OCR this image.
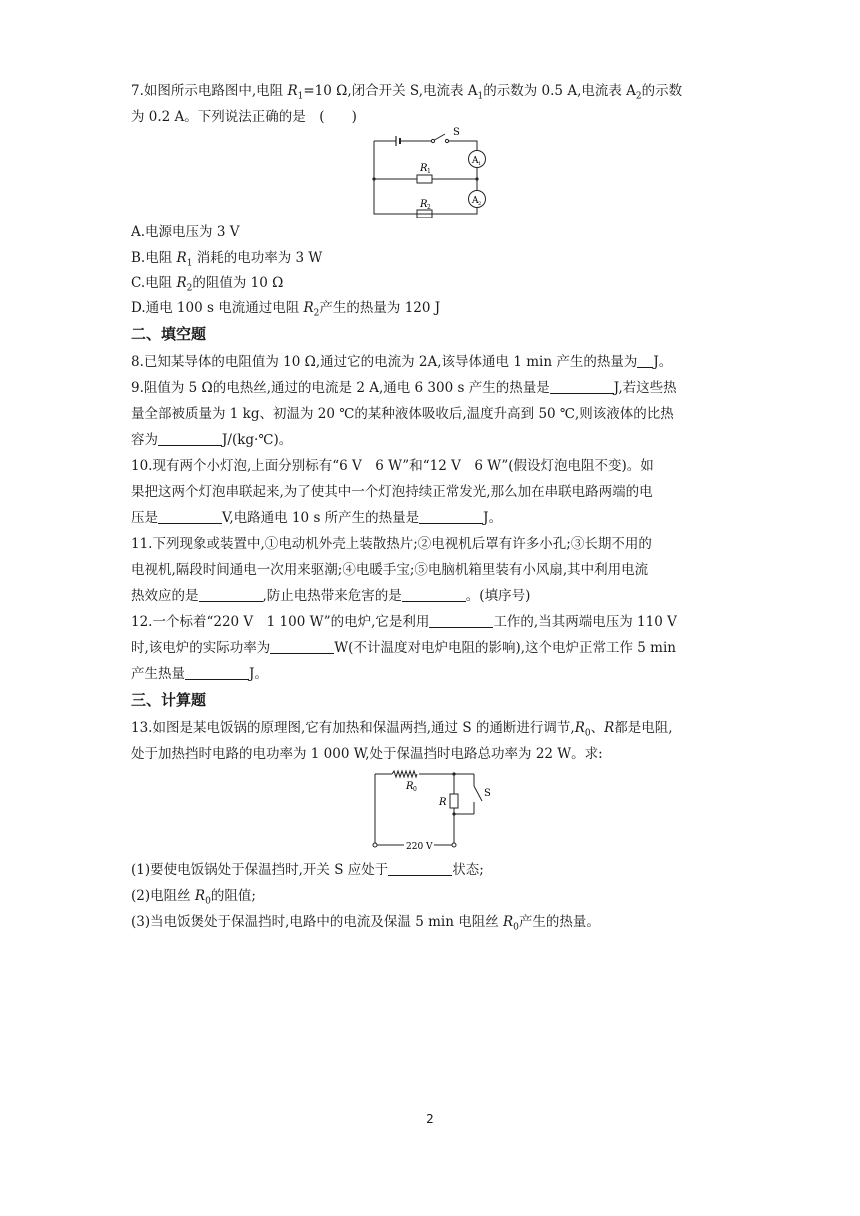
7.如图所示电路图中,电阻 $R_1=10$ Ω,闭合开关 S,电流表 $A_1$的示数为 0.5 A,电流表 $A_2$的示数
为 0.2 A。下列说法正确的是　(　　)
S
R 1
R 2
A 1
A 2
A.电源电压为 3 V
B.电阻 $R_1$ 消耗的电功率为 3 W
C.电阻 $R_2$的阻值为 10 Ω
D.通电 100 s 电流通过电阻 $R_2$产生的热量为 120 J
二、填空题
8.已知某导体的电阻值为 10 Ω,通过它的电流为 2A,该导体通电 1 min 产生的热量为 J。
9.阻值为 5 Ω的电热丝,通过的电流是 2 A,通电 6 300 s 产生的热量是	J,若这些热
量全部被质量为 1 kg、初温为 20 ℃的某种液体吸收后,温度升高到 50 ℃,则该液体的比热
容为	J/(kg·℃)。
10.现有两个小灯泡,上面分别标有“6 V　6 W”和“12 V　6 W”(假设灯泡电阻不变)。如
果把这两个灯泡串联起来,为了使其中一个灯泡持续正常发光,那么加在串联电路两端的电
压是	V,电路通电 10 s 所产生的热量是	J。
11.下列现象或装置中,①电动机外壳上装散热片;②电视机后罩有许多小孔;③长期不用的
电视机,隔段时间通电一次用来驱潮;④电暖手宝;⑤电脑机箱里装有小风扇,其中利用电流
热效应的是	,防止电热带来危害的是	。(填序号)
12.一个标着“220 V　1 100 W”的电炉,它是利用	工作的,当其两端电压为 110 V
时,该电炉的实际功率为	W(不计温度对电炉电阻的影响),这个电炉正常工作 5 min
产生热量	J。
三、计算题
13.如图是某电饭锅的原理图,它有加热和保温两挡,通过 S 的通断进行调节$,R_0$、R都是电阻,
处于加热挡时电路的电功率为 1 000 W,处于保温挡时电路总功率为 22 W。求:
R 0
R
S
220 V
(1)要使电饭锅处于保温挡时,开关 S 应处于	状态;
(2)电阻丝 $R_0$的阻值;
(3)当电饭煲处于保温挡时,电路中的电流及保温 5 min 电阻丝 $R_0$产生的热量。
2
